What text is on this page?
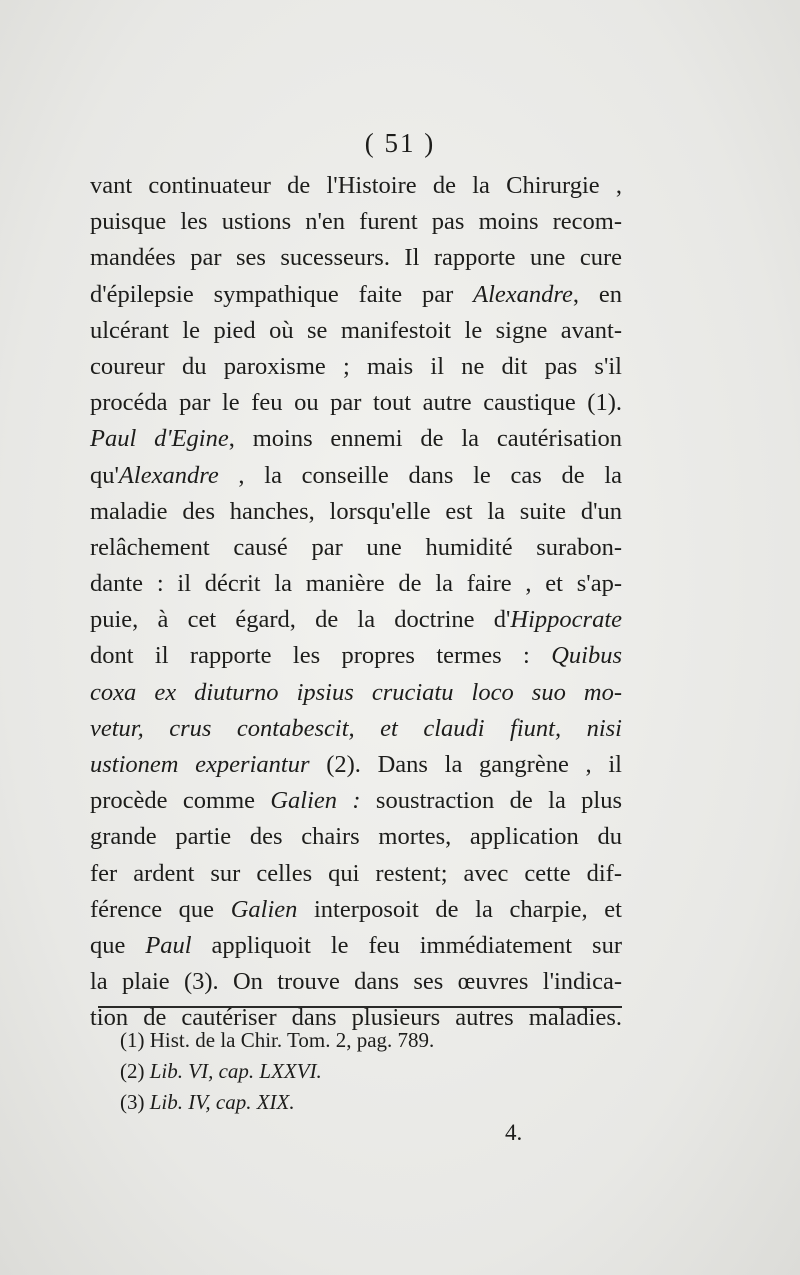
( 51 )
vant continuateur de l'Histoire de la Chirurgie ,
puisque les ustions n'en furent pas moins recom-
mandées par ses sucesseurs. Il rapporte une cure
d'épilepsie sympathique faite par Alexandre, en
ulcérant le pied où se manifestoit le signe avant-
coureur du paroxisme ; mais il ne dit pas s'il
procéda par le feu ou par tout autre caustique (1).
Paul d'Egine, moins ennemi de la cautérisation
qu'Alexandre , la conseille dans le cas de la
maladie des hanches, lorsqu'elle est la suite d'un
relâchement causé par une humidité surabon-
dante : il décrit la manière de la faire , et s'ap-
puie, à cet égard, de la doctrine d'Hippocrate
dont il rapporte les propres termes : Quibus
coxa ex diuturno ipsius cruciatu loco suo mo-
vetur, crus contabescit, et claudi fiunt, nisi
ustionem experiantur (2). Dans la gangrène , il
procède comme Galien : soustraction de la plus
grande partie des chairs mortes, application du
fer ardent sur celles qui restent; avec cette dif-
férence que Galien interposoit de la charpie, et
que Paul appliquoit le feu immédiatement sur
la plaie (3). On trouve dans ses œuvres l'indica-
tion de cautériser dans plusieurs autres maladies.
(1) Hist. de la Chir. Tom. 2, pag. 789.
(2) Lib. VI, cap. LXXVI.
(3) Lib. IV, cap. XIX.
4.
